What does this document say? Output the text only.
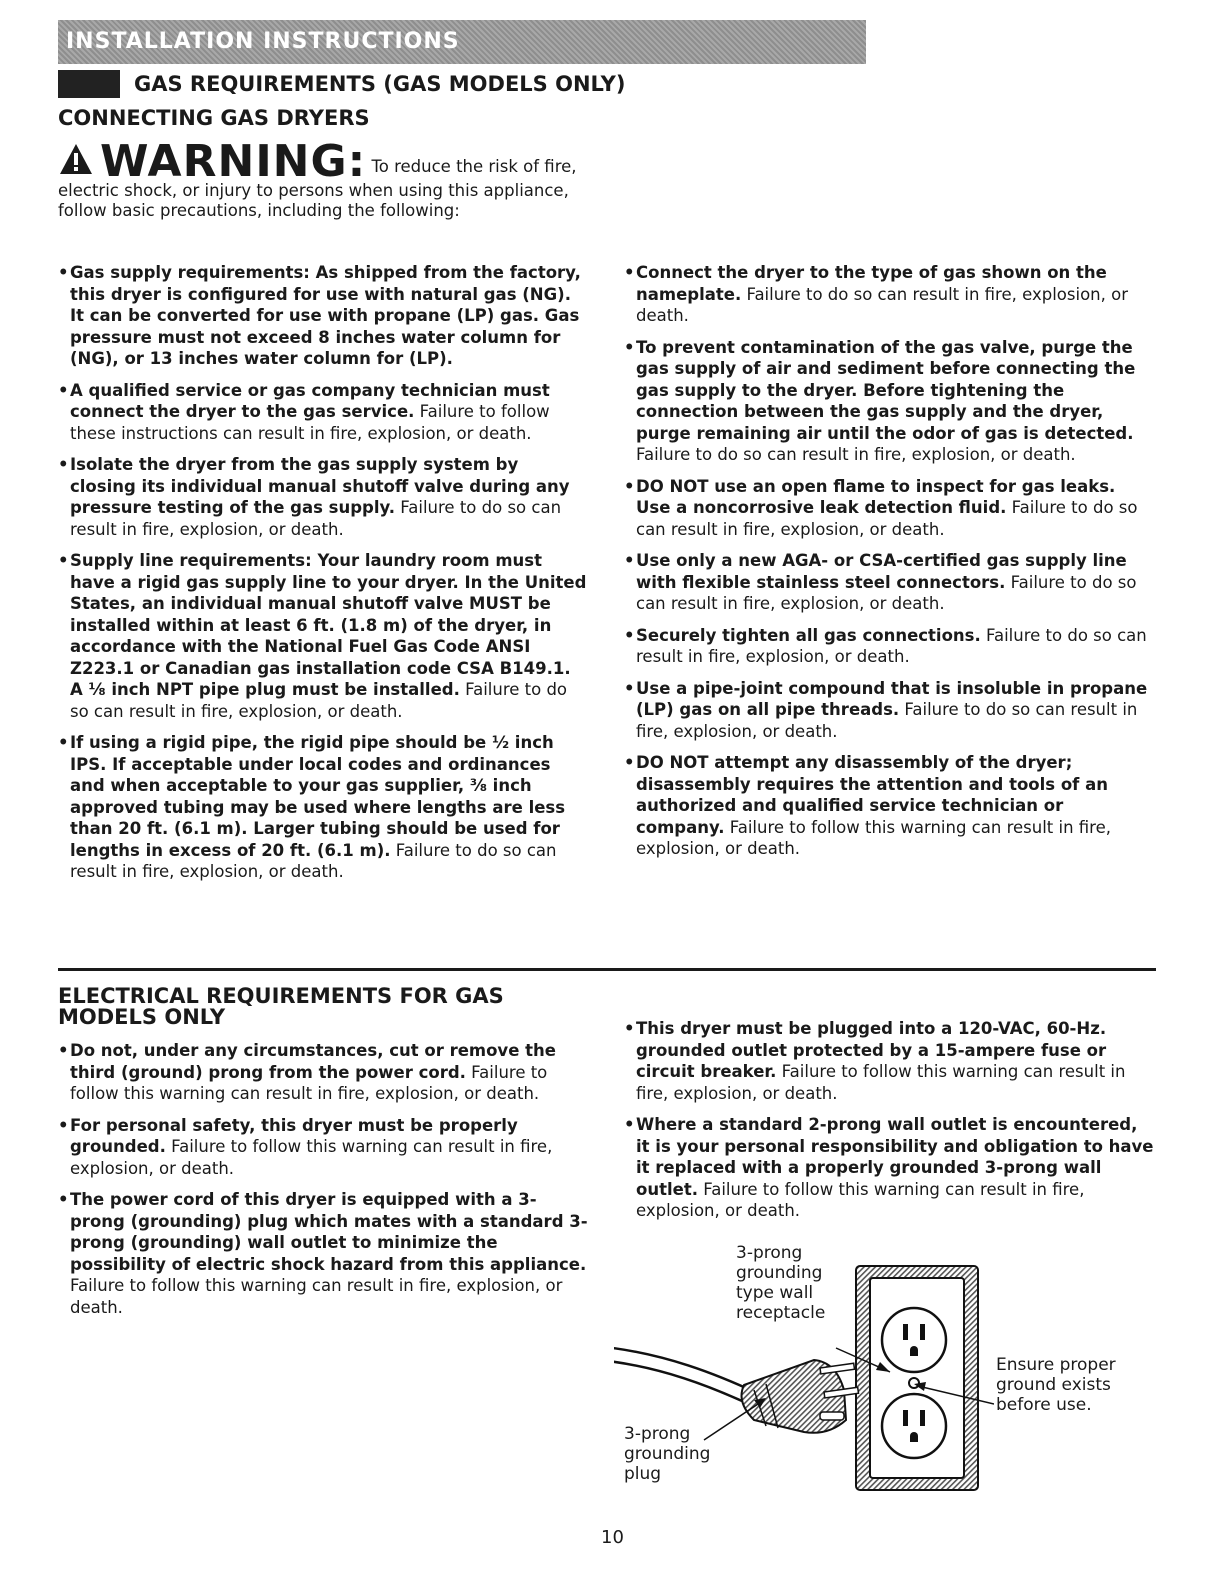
INSTALLATION INSTRUCTIONS
GAS REQUIREMENTS (GAS MODELS ONLY)
CONNECTING GAS DRYERS
WARNING: To reduce the risk of fire, electric shock, or injury to persons when using this appliance, follow basic precautions, including the following:

• Gas supply requirements: As shipped from the factory, this dryer is configured for use with natural gas (NG). It can be converted for use with propane (LP) gas. Gas pressure must not exceed 8 inches water column for (NG), or 13 inches water column for (LP).

• A qualified service or gas company technician must connect the dryer to the gas service. Failure to follow these instructions can result in fire, explosion, or death.

• Isolate the dryer from the gas supply system by closing its individual manual shutoff valve during any pressure testing of the gas supply. Failure to do so can result in fire, explosion, or death.

• Supply line requirements: Your laundry room must have a rigid gas supply line to your dryer. In the United States, an individual manual shutoff valve MUST be installed within at least 6 ft. (1.8 m) of the dryer, in accordance with the National Fuel Gas Code ANSI Z223.1 or Canadian gas installation code CSA B149.1. A ⅛ inch NPT pipe plug must be installed. Failure to do so can result in fire, explosion, or death.

• If using a rigid pipe, the rigid pipe should be ½ inch IPS. If acceptable under local codes and ordinances and when acceptable to your gas supplier, ⅜ inch approved tubing may be used where lengths are less than 20 ft. (6.1 m). Larger tubing should be used for lengths in excess of 20 ft. (6.1 m). Failure to do so can result in fire, explosion, or death.

• Connect the dryer to the type of gas shown on the nameplate. Failure to do so can result in fire, explosion, or death.

• To prevent contamination of the gas valve, purge the gas supply of air and sediment before connecting the gas supply to the dryer. Before tightening the connection between the gas supply and the dryer, purge remaining air until the odor of gas is detected. Failure to do so can result in fire, explosion, or death.

• DO NOT use an open flame to inspect for gas leaks. Use a noncorrosive leak detection fluid. Failure to do so can result in fire, explosion, or death.

• Use only a new AGA- or CSA-certified gas supply line with flexible stainless steel connectors. Failure to do so can result in fire, explosion, or death.

• Securely tighten all gas connections. Failure to do so can result in fire, explosion, or death.

• Use a pipe-joint compound that is insoluble in propane (LP) gas on all pipe threads. Failure to do so can result in fire, explosion, or death.

• DO NOT attempt any disassembly of the dryer; disassembly requires the attention and tools of an authorized and qualified service technician or company. Failure to follow this warning can result in fire, explosion, or death.

ELECTRICAL REQUIREMENTS FOR GAS MODELS ONLY

• Do not, under any circumstances, cut or remove the third (ground) prong from the power cord. Failure to follow this warning can result in fire, explosion, or death.

• For personal safety, this dryer must be properly grounded. Failure to follow this warning can result in fire, explosion, or death.

• The power cord of this dryer is equipped with a 3-prong (grounding) plug which mates with a standard 3-prong (grounding) wall outlet to minimize the possibility of electric shock hazard from this appliance. Failure to follow this warning can result in fire, explosion, or death.

• This dryer must be plugged into a 120-VAC, 60-Hz. grounded outlet protected by a 15-ampere fuse or circuit breaker. Failure to follow this warning can result in fire, explosion, or death.

• Where a standard 2-prong wall outlet is encountered, it is your personal responsibility and obligation to have it replaced with a properly grounded 3-prong wall outlet. Failure to follow this warning can result in fire, explosion, or death.

3-prong
grounding
type wall
receptacle
3-prong
grounding
plug
Ensure proper
ground exists
before use.
10
